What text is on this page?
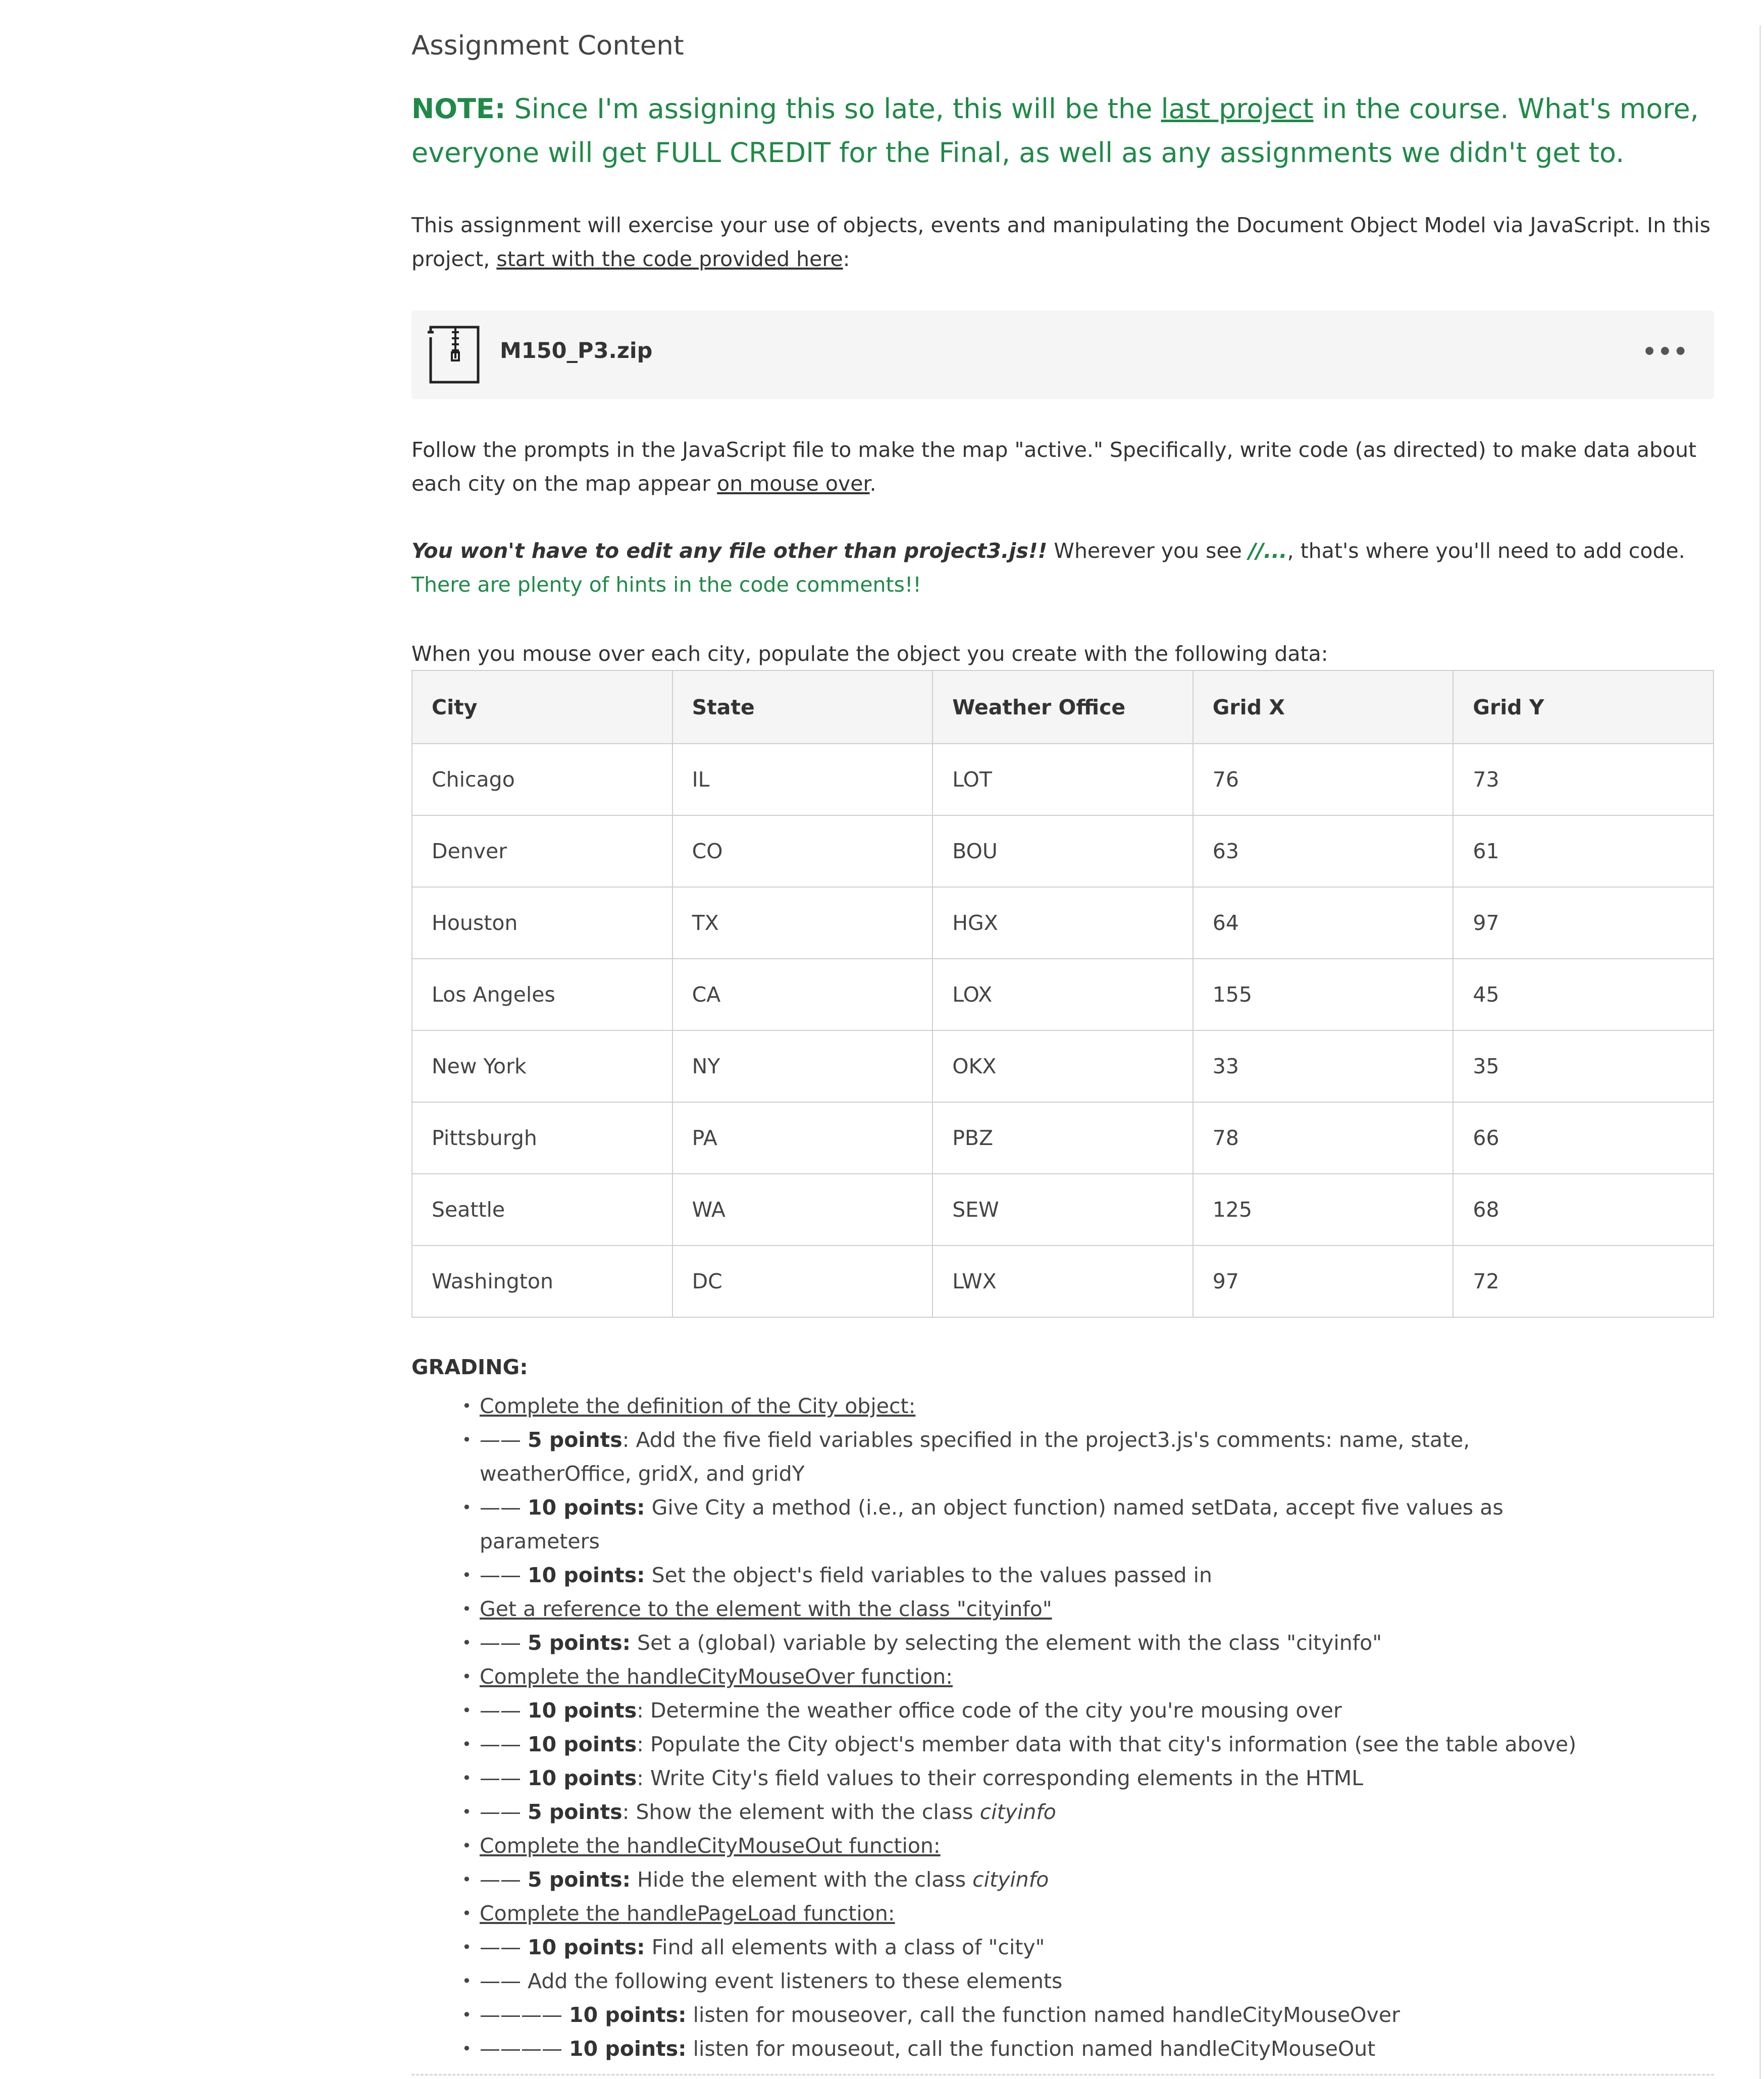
Assignment Content
NOTE: Since I'm assigning this so late, this will be the last project in the course. What's more, everyone will get FULL CREDIT for the Final, as well as any assignments we didn't get to.
This assignment will exercise your use of objects, events and manipulating the Document Object Model via JavaScript. In this project, start with the code provided here:
M150_P3.zip	•••
Follow the prompts in the JavaScript file to make the map "active." Specifically, write code (as directed) to make data about each city on the map appear on mouse over.
You won't have to edit any file other than project3.js!! Wherever you see //..., that's where you'll need to add code. There are plenty of hints in the code comments!!
When you mouse over each city, populate the object you create with the following data:
City	State	Weather Office	Grid X	Grid Y
Chicago	IL	LOT	76	73
Denver	CO	BOU	63	61
Houston	TX	HGX	64	97
Los Angeles	CA	LOX	155	45
New York	NY	OKX	33	35
Pittsburgh	PA	PBZ	78	66
Seattle	WA	SEW	125	68
Washington	DC	LWX	97	72
GRADING:
• Complete the definition of the City object:
• —— 5 points: Add the five field variables specified in the project3.js's comments: name, state, weatherOffice, gridX, and gridY
• —— 10 points: Give City a method (i.e., an object function) named setData, accept five values as parameters
• —— 10 points: Set the object's field variables to the values passed in
• Get a reference to the element with the class "cityinfo"
• —— 5 points: Set a (global) variable by selecting the element with the class "cityinfo"
• Complete the handleCityMouseOver function:
• —— 10 points: Determine the weather office code of the city you're mousing over
• —— 10 points: Populate the City object's member data with that city's information (see the table above)
• —— 10 points: Write City's field values to their corresponding elements in the HTML
• —— 5 points: Show the element with the class cityinfo
• Complete the handleCityMouseOut function:
• —— 5 points: Hide the element with the class cityinfo
• Complete the handlePageLoad function:
• —— 10 points: Find all elements with a class of "city"
• —— Add the following event listeners to these elements
• ———— 10 points: listen for mouseover, call the function named handleCityMouseOver
• ———— 10 points: listen for mouseout, call the function named handleCityMouseOut
